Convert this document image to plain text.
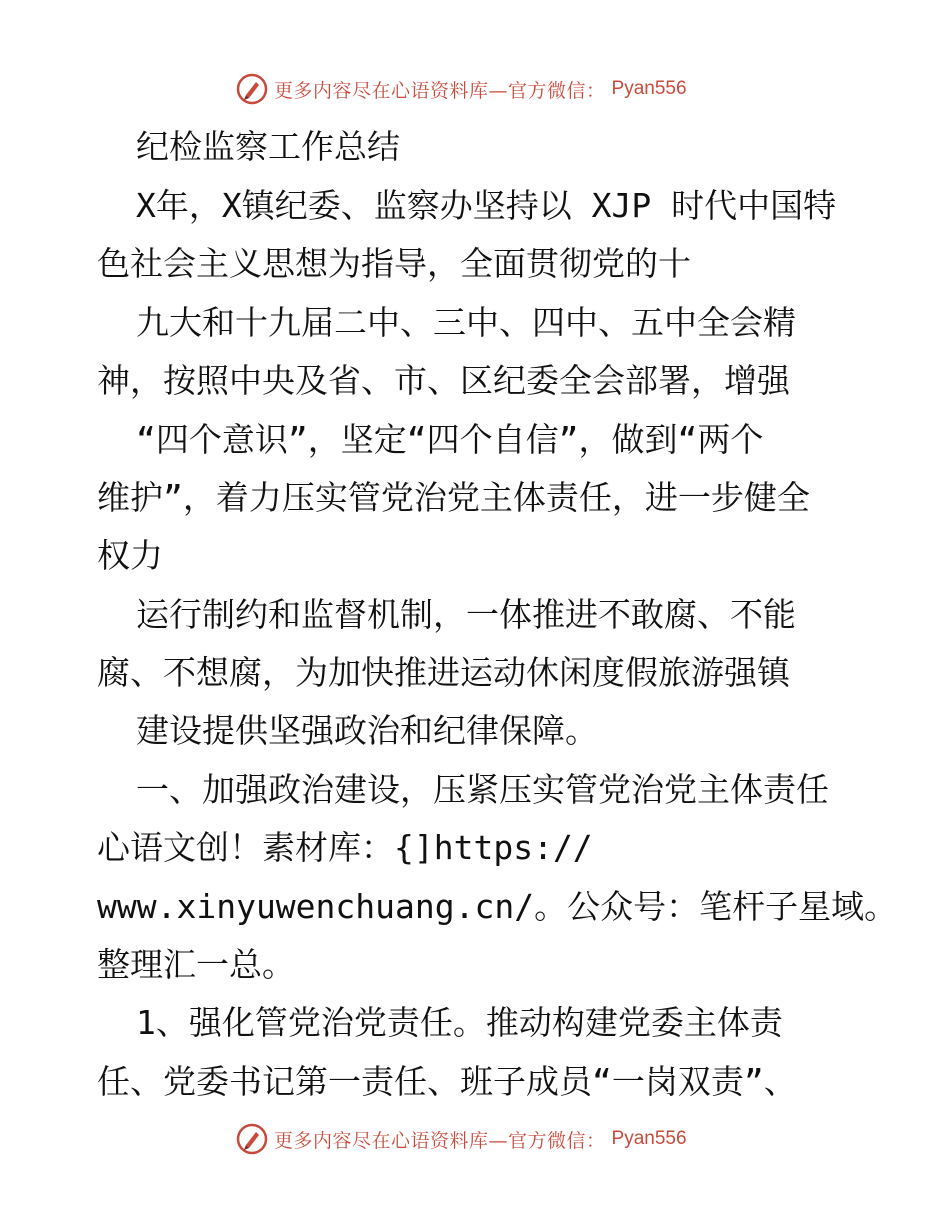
更多内容尽在心语资料库—官方微信： Pyan556
纪检监察工作总结
X年，X镇纪委、监察办坚持以 XJP 时代中国特
色社会主义思想为指导，全面贯彻党的十
九大和十九届二中、三中、四中、五中全会精
神，按照中央及省、市、区纪委全会部署，增强
“四个意识”，坚定“四个自信”，做到“两个
维护”，着力压实管党治党主体责任，进一步健全
权力
运行制约和监督机制，一体推进不敢腐、不能
腐、不想腐，为加快推进运动休闲度假旅游强镇
建设提供坚强政治和纪律保障。
一、加强政治建设，压紧压实管党治党主体责任
心语文创！素材库：{]https://
www.xinyuwenchuang.cn/。公众号：笔杆子星域。
整理汇一总。
1、强化管党治党责任。推动构建党委主体责
任、党委书记第一责任、班子成员“一岗双责”、
更多内容尽在心语资料库—官方微信： Pyan556
